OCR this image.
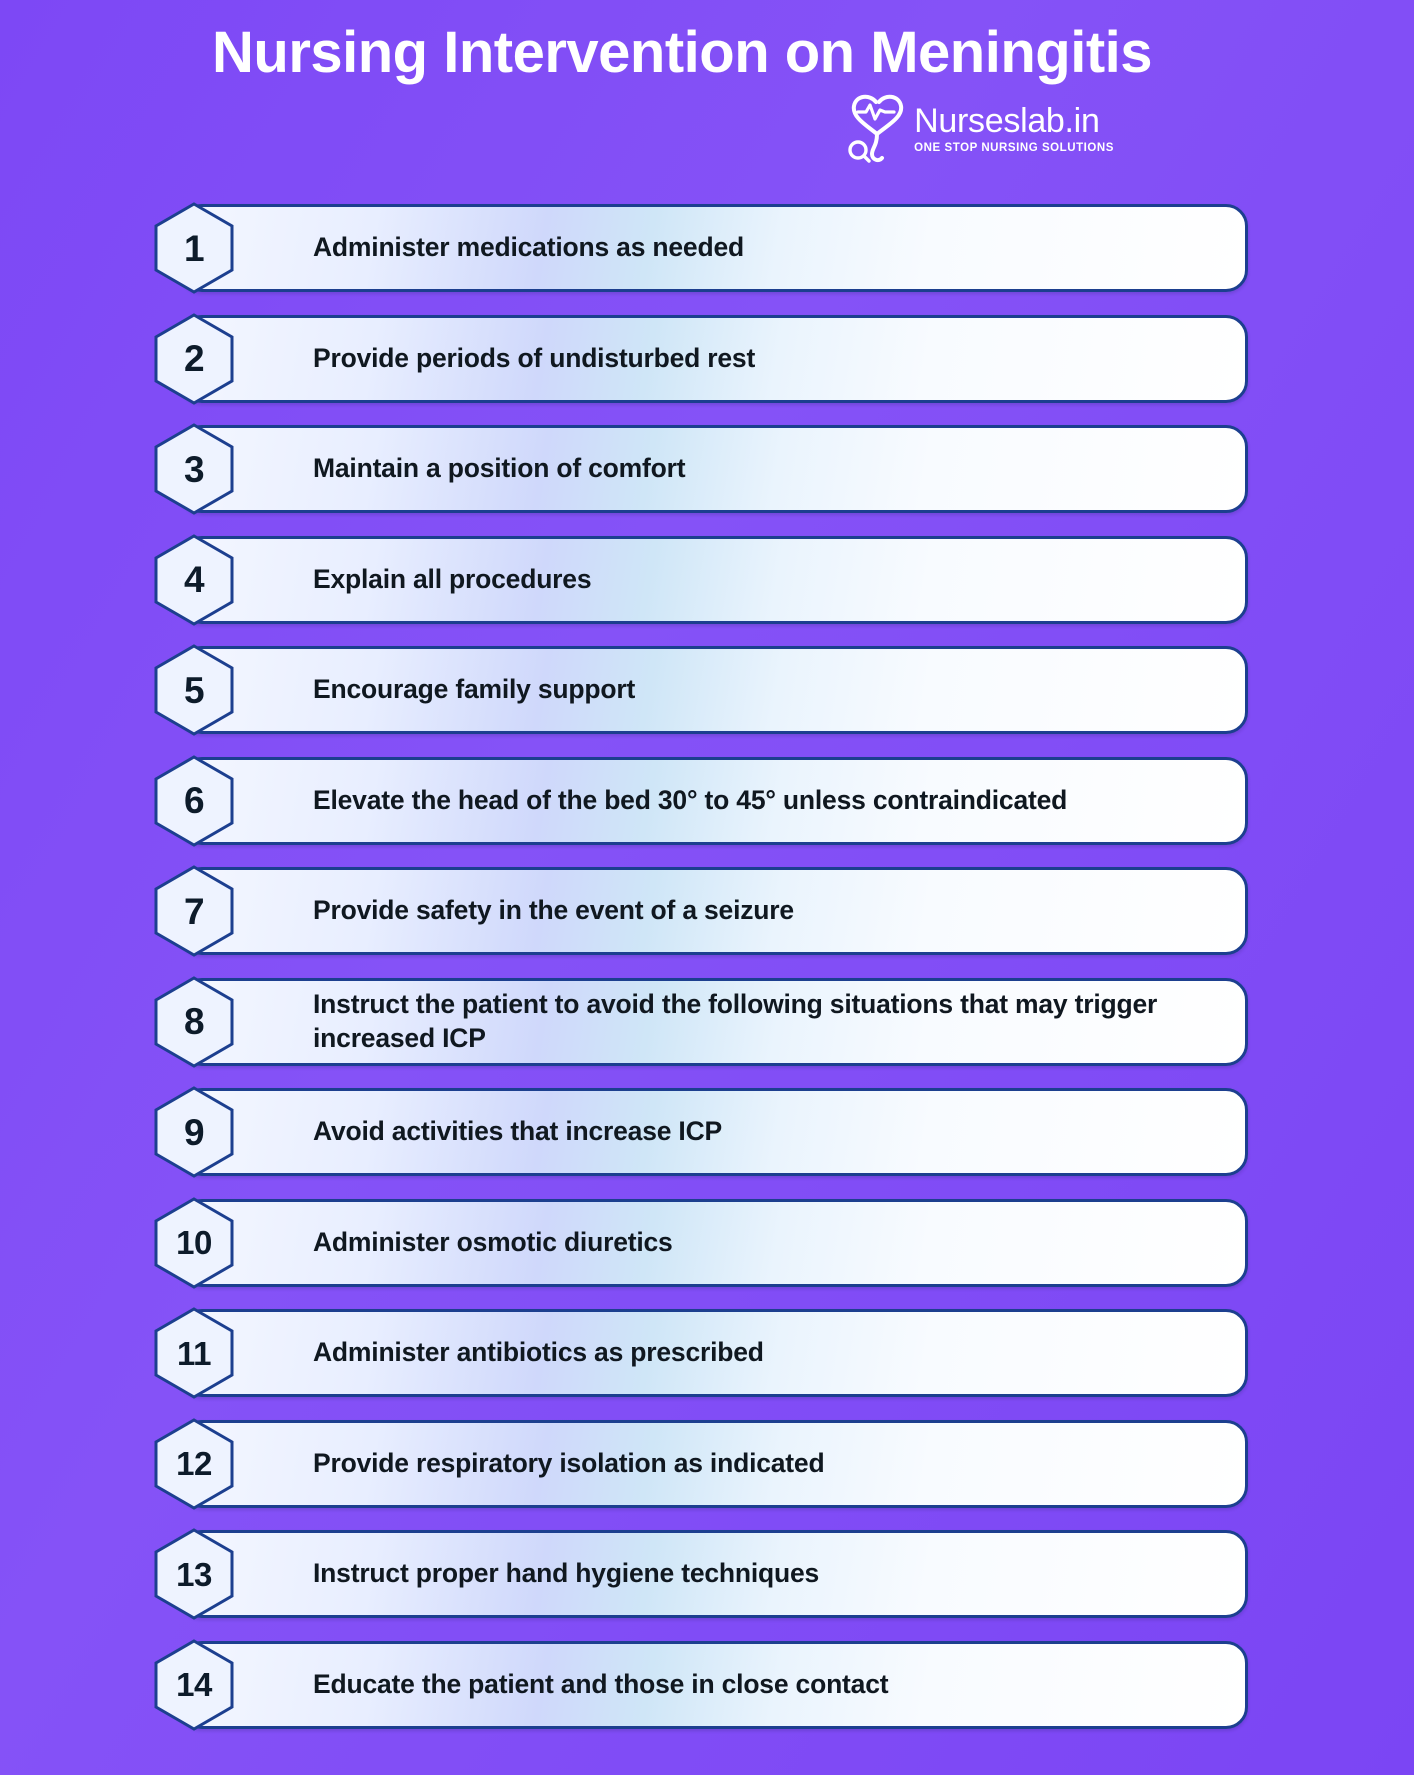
Nursing Intervention on Meningitis
Nurseslab.in
ONE STOP NURSING SOLUTIONS
Administer medications as needed
1
Provide periods of undisturbed rest
2
Maintain a position of comfort
3
Explain all procedures
4
Encourage family support
5
Elevate the head of the bed 30° to 45° unless contraindicated
6
Provide safety in the event of a seizure
7
Instruct the patient to avoid the following situations that may trigger increased ICP
8
Avoid activities that increase ICP
9
Administer osmotic diuretics
10
Administer antibiotics as prescribed
11
Provide respiratory isolation as indicated
12
Instruct proper hand hygiene techniques
13
Educate the patient and those in close contact
14
